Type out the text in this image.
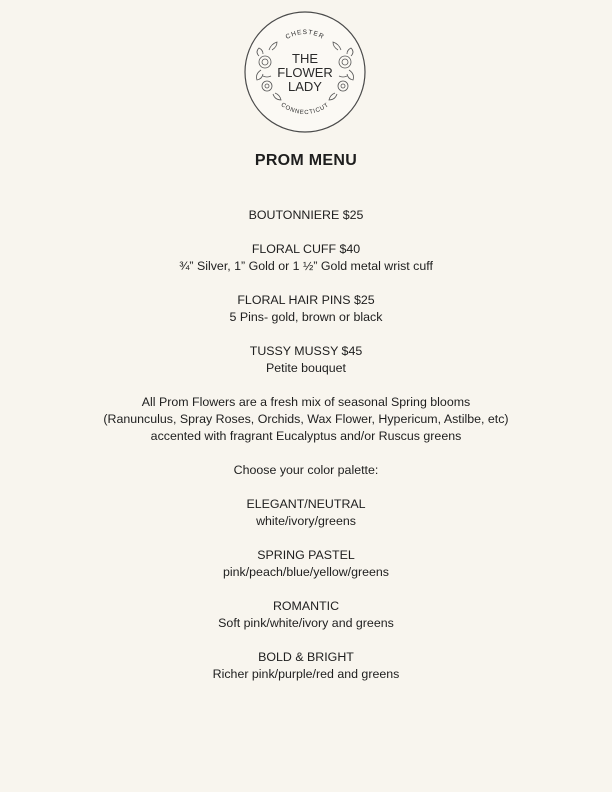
CHESTER
CONNECTICUT
THE
FLOWER
LADY
PROM MENU

BOUTONNIERE $25

FLORAL CUFF $40
¾” Silver, 1” Gold or 1 ½” Gold metal wrist cuff

FLORAL HAIR PINS $25
5 Pins- gold, brown or black

TUSSY MUSSY $45
Petite bouquet

All Prom Flowers are a fresh mix of seasonal Spring blooms
(Ranunculus, Spray Roses, Orchids, Wax Flower, Hypericum, Astilbe, etc)
accented with fragrant Eucalyptus and/or Ruscus greens

Choose your color palette:

ELEGANT/NEUTRAL
white/ivory/greens

SPRING PASTEL
pink/peach/blue/yellow/greens

ROMANTIC
Soft pink/white/ivory and greens

BOLD & BRIGHT
Richer pink/purple/red and greens
